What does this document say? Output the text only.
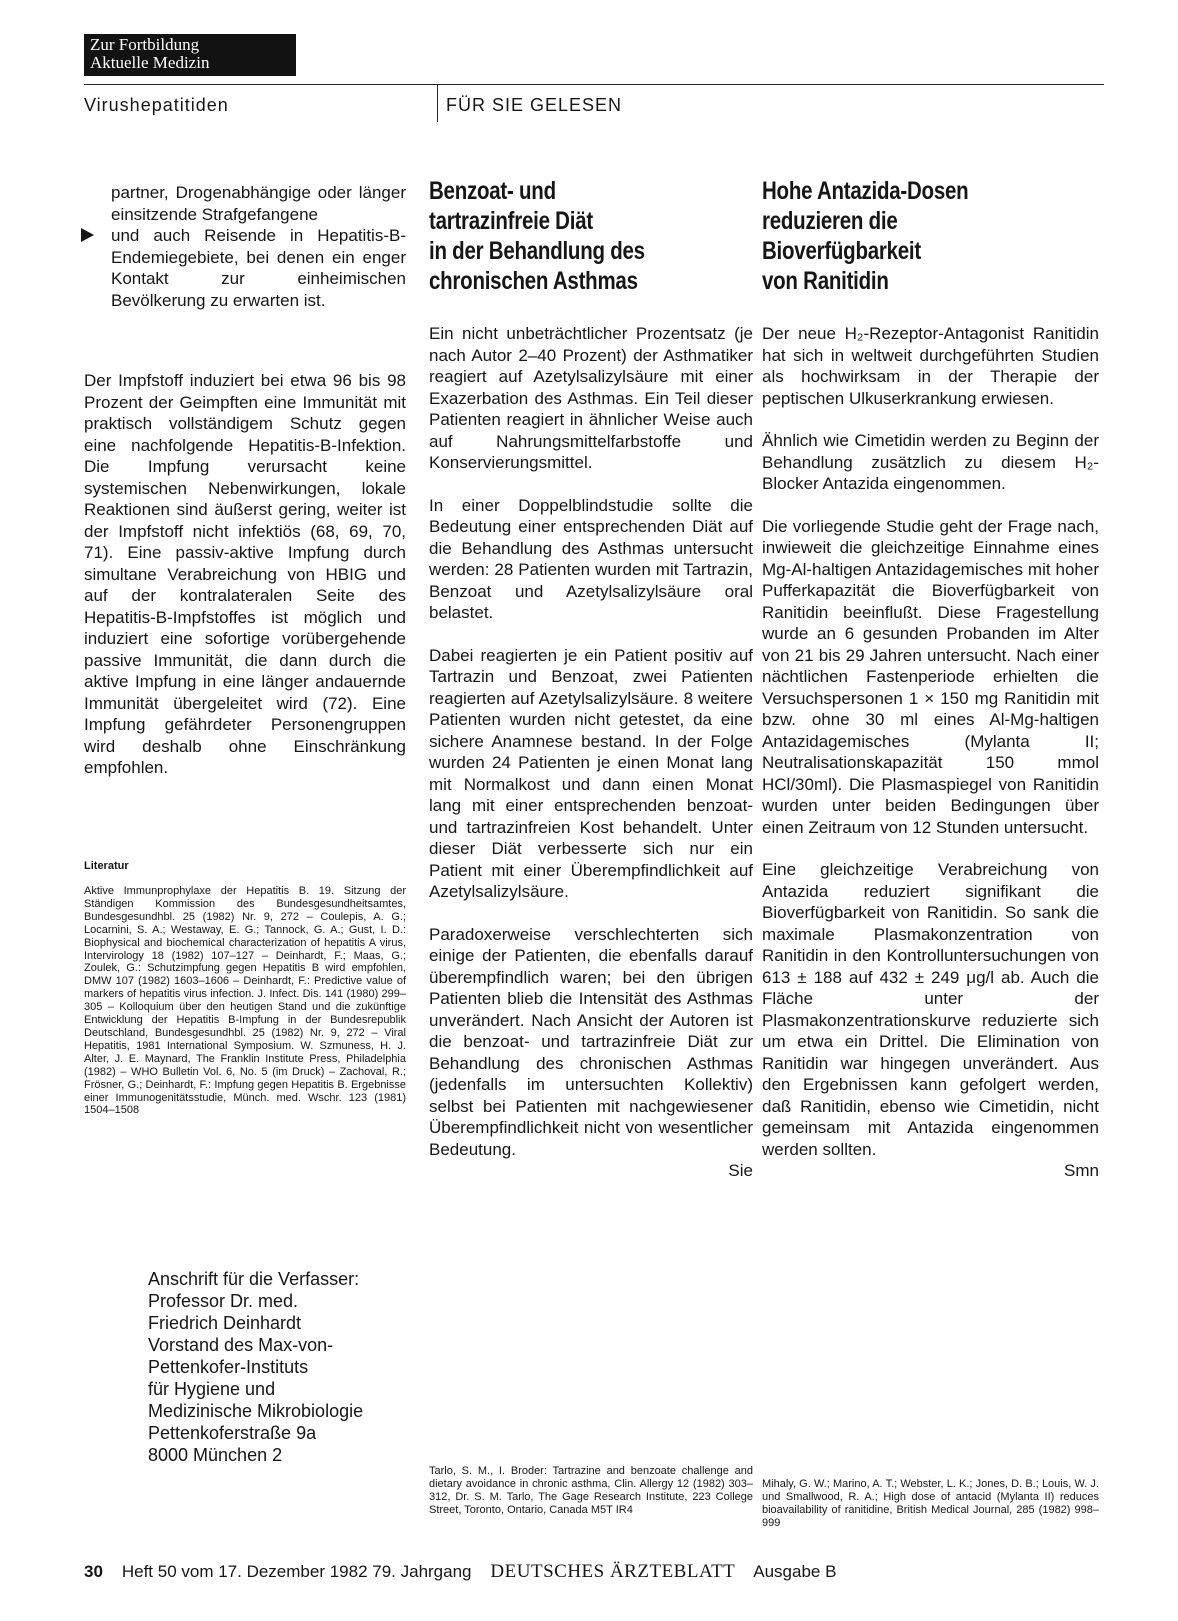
Zur Fortbildung
Aktuelle Medizin
Virushepatitiden	FÜR SIE GELESEN

partner, Drogenabhängige oder länger einsitzende Strafgefangene

und auch Reisende in Hepatitis-B-Endemiegebiete, bei denen ein enger Kontakt zur einheimischen Bevölkerung zu erwarten ist.

Der Impfstoff induziert bei etwa 96 bis 98 Prozent der Geimpften eine Immunität mit praktisch vollständigem Schutz gegen eine nachfolgende Hepatitis-B-Infektion. Die Impfung verursacht keine systemischen Nebenwirkungen, lokale Reaktionen sind äußerst gering, weiter ist der Impfstoff nicht infektiös (68, 69, 70, 71). Eine passiv-aktive Impfung durch simultane Verabreichung von HBIG und auf der kontralateralen Seite des Hepatitis-B-Impfstoffes ist möglich und induziert eine sofortige vorübergehende passive Immunität, die dann durch die aktive Impfung in eine länger andauernde Immunität übergeleitet wird (72). Eine Impfung gefährdeter Personengruppen wird deshalb ohne Einschränkung empfohlen.

Literatur
Aktive Immunprophylaxe der Hepatitis B. 19. Sitzung der Ständigen Kommission des Bundesgesundheitsamtes, Bundesgesundhbl. 25 (1982) Nr. 9, 272 – Coulepis, A. G.; Locarnini, S. A.; Westaway, E. G.; Tannock, G. A.; Gust, I. D.: Biophysical and biochemical characterization of hepatitis A virus, Intervirology 18 (1982) 107–127 – Deinhardt, F.; Maas, G.; Zoulek, G.: Schutzimpfung gegen Hepatitis B wird empfohlen, DMW 107 (1982) 1603–1606 – Deinhardt, F.: Predictive value of markers of hepatitis virus infection. J. Infect. Dis. 141 (1980) 299–305 – Kolloquium über den heutigen Stand und die zukünftige Entwicklung der Hepatitis B-Impfung in der Bundesrepublik Deutschland, Bundesgesundhbl. 25 (1982) Nr. 9, 272 – Viral Hepatitis, 1981 International Symposium. W. Szmuness, H. J. Alter, J. E. Maynard, The Franklin Institute Press, Philadelphia (1982) – WHO Bulletin Vol. 6, No. 5 (im Druck) – Zachoval, R.; Frösner, G.; Deinhardt, F.: Impfung gegen Hepatitis B. Ergebnisse einer Immunogenitätsstudie, Münch. med. Wschr. 123 (1981) 1504–1508
Anschrift für die Verfasser:
Professor Dr. med.
Friedrich Deinhardt
Vorstand des Max-von-
Pettenkofer-Instituts
für Hygiene und
Medizinische Mikrobiologie
Pettenkoferstraße 9a
8000 München 2
Benzoat- und
tartrazinfreie Diät
in der Behandlung des
chronischen Asthmas

Ein nicht unbeträchtlicher Prozentsatz (je nach Autor 2–40 Prozent) der Asthmatiker reagiert auf Azetylsalizylsäure mit einer Exazerbation des Asthmas. Ein Teil dieser Patienten reagiert in ähnlicher Weise auch auf Nahrungsmittelfarbstoffe und Konservierungsmittel.

In einer Doppelblindstudie sollte die Bedeutung einer entsprechenden Diät auf die Behandlung des Asthmas untersucht werden: 28 Patienten wurden mit Tartrazin, Benzoat und Azetylsalizylsäure oral belastet.

Dabei reagierten je ein Patient positiv auf Tartrazin und Benzoat, zwei Patienten reagierten auf Azetylsalizylsäure. 8 weitere Patienten wurden nicht getestet, da eine sichere Anamnese bestand. In der Folge wurden 24 Patienten je einen Monat lang mit Normalkost und dann einen Monat lang mit einer entsprechenden benzoat- und tartrazinfreien Kost behandelt. Unter dieser Diät verbesserte sich nur ein Patient mit einer Überempfindlichkeit auf Azetylsalizylsäure.

Paradoxerweise verschlechterten sich einige der Patienten, die ebenfalls darauf überempfindlich waren; bei den übrigen Patienten blieb die Intensität des Asthmas unverändert. Nach Ansicht der Autoren ist die benzoat- und tartrazinfreie Diät zur Behandlung des chronischen Asthmas (jedenfalls im untersuchten Kollektiv) selbst bei Patienten mit nachgewiesener Überempfindlichkeit nicht von wesentlicher Bedeutung.

Sie
Tarlo, S. M., I. Broder: Tartrazine and benzoate challenge and dietary avoidance in chronic asthma, Clin. Allergy 12 (1982) 303–312, Dr. S. M. Tarlo, The Gage Research Institute, 223 College Street, Toronto, Ontario, Canada M5T IR4
Hohe Antazida-Dosen
reduzieren die
Bioverfügbarkeit
von Ranitidin

Der neue H₂-Rezeptor-Antagonist Ranitidin hat sich in weltweit durchgeführten Studien als hochwirksam in der Therapie der peptischen Ulkuserkrankung erwiesen.

Ähnlich wie Cimetidin werden zu Beginn der Behandlung zusätzlich zu diesem H₂-Blocker Antazida eingenommen.

Die vorliegende Studie geht der Frage nach, inwieweit die gleichzeitige Einnahme eines Mg-Al-haltigen Antazidagemisches mit hoher Pufferkapazität die Bioverfügbarkeit von Ranitidin beeinflußt. Diese Fragestellung wurde an 6 gesunden Probanden im Alter von 21 bis 29 Jahren untersucht. Nach einer nächtlichen Fastenperiode erhielten die Versuchspersonen 1 × 150 mg Ranitidin mit bzw. ohne 30 ml eines Al-Mg-haltigen Antazidagemisches (Mylanta II; Neutralisationskapazität 150 mmol HCl/30ml). Die Plasmaspiegel von Ranitidin wurden unter beiden Bedingungen über einen Zeitraum von 12 Stunden untersucht.

Eine gleichzeitige Verabreichung von Antazida reduziert signifikant die Bioverfügbarkeit von Ranitidin. So sank die maximale Plasmakonzentration von Ranitidin in den Kontrolluntersuchungen von 613 ± 188 auf 432 ± 249 μg/l ab. Auch die Fläche unter der Plasmakonzentrationskurve reduzierte sich um etwa ein Drittel. Die Elimination von Ranitidin war hingegen unverändert. Aus den Ergebnissen kann gefolgert werden, daß Ranitidin, ebenso wie Cimetidin, nicht gemeinsam mit Antazida eingenommen werden sollten.

Smn
Mihaly, G. W.; Marino, A. T.; Webster, L. K.; Jones, D. B.; Louis, W. J. und Smallwood, R. A.; High dose of antacid (Mylanta II) reduces bioavailability of ranitidine, British Medical Journal, 285 (1982) 998–999
30 Heft 50 vom 17. Dezember 1982 79. Jahrgang DEUTSCHES ÄRZTEBLATT Ausgabe B
